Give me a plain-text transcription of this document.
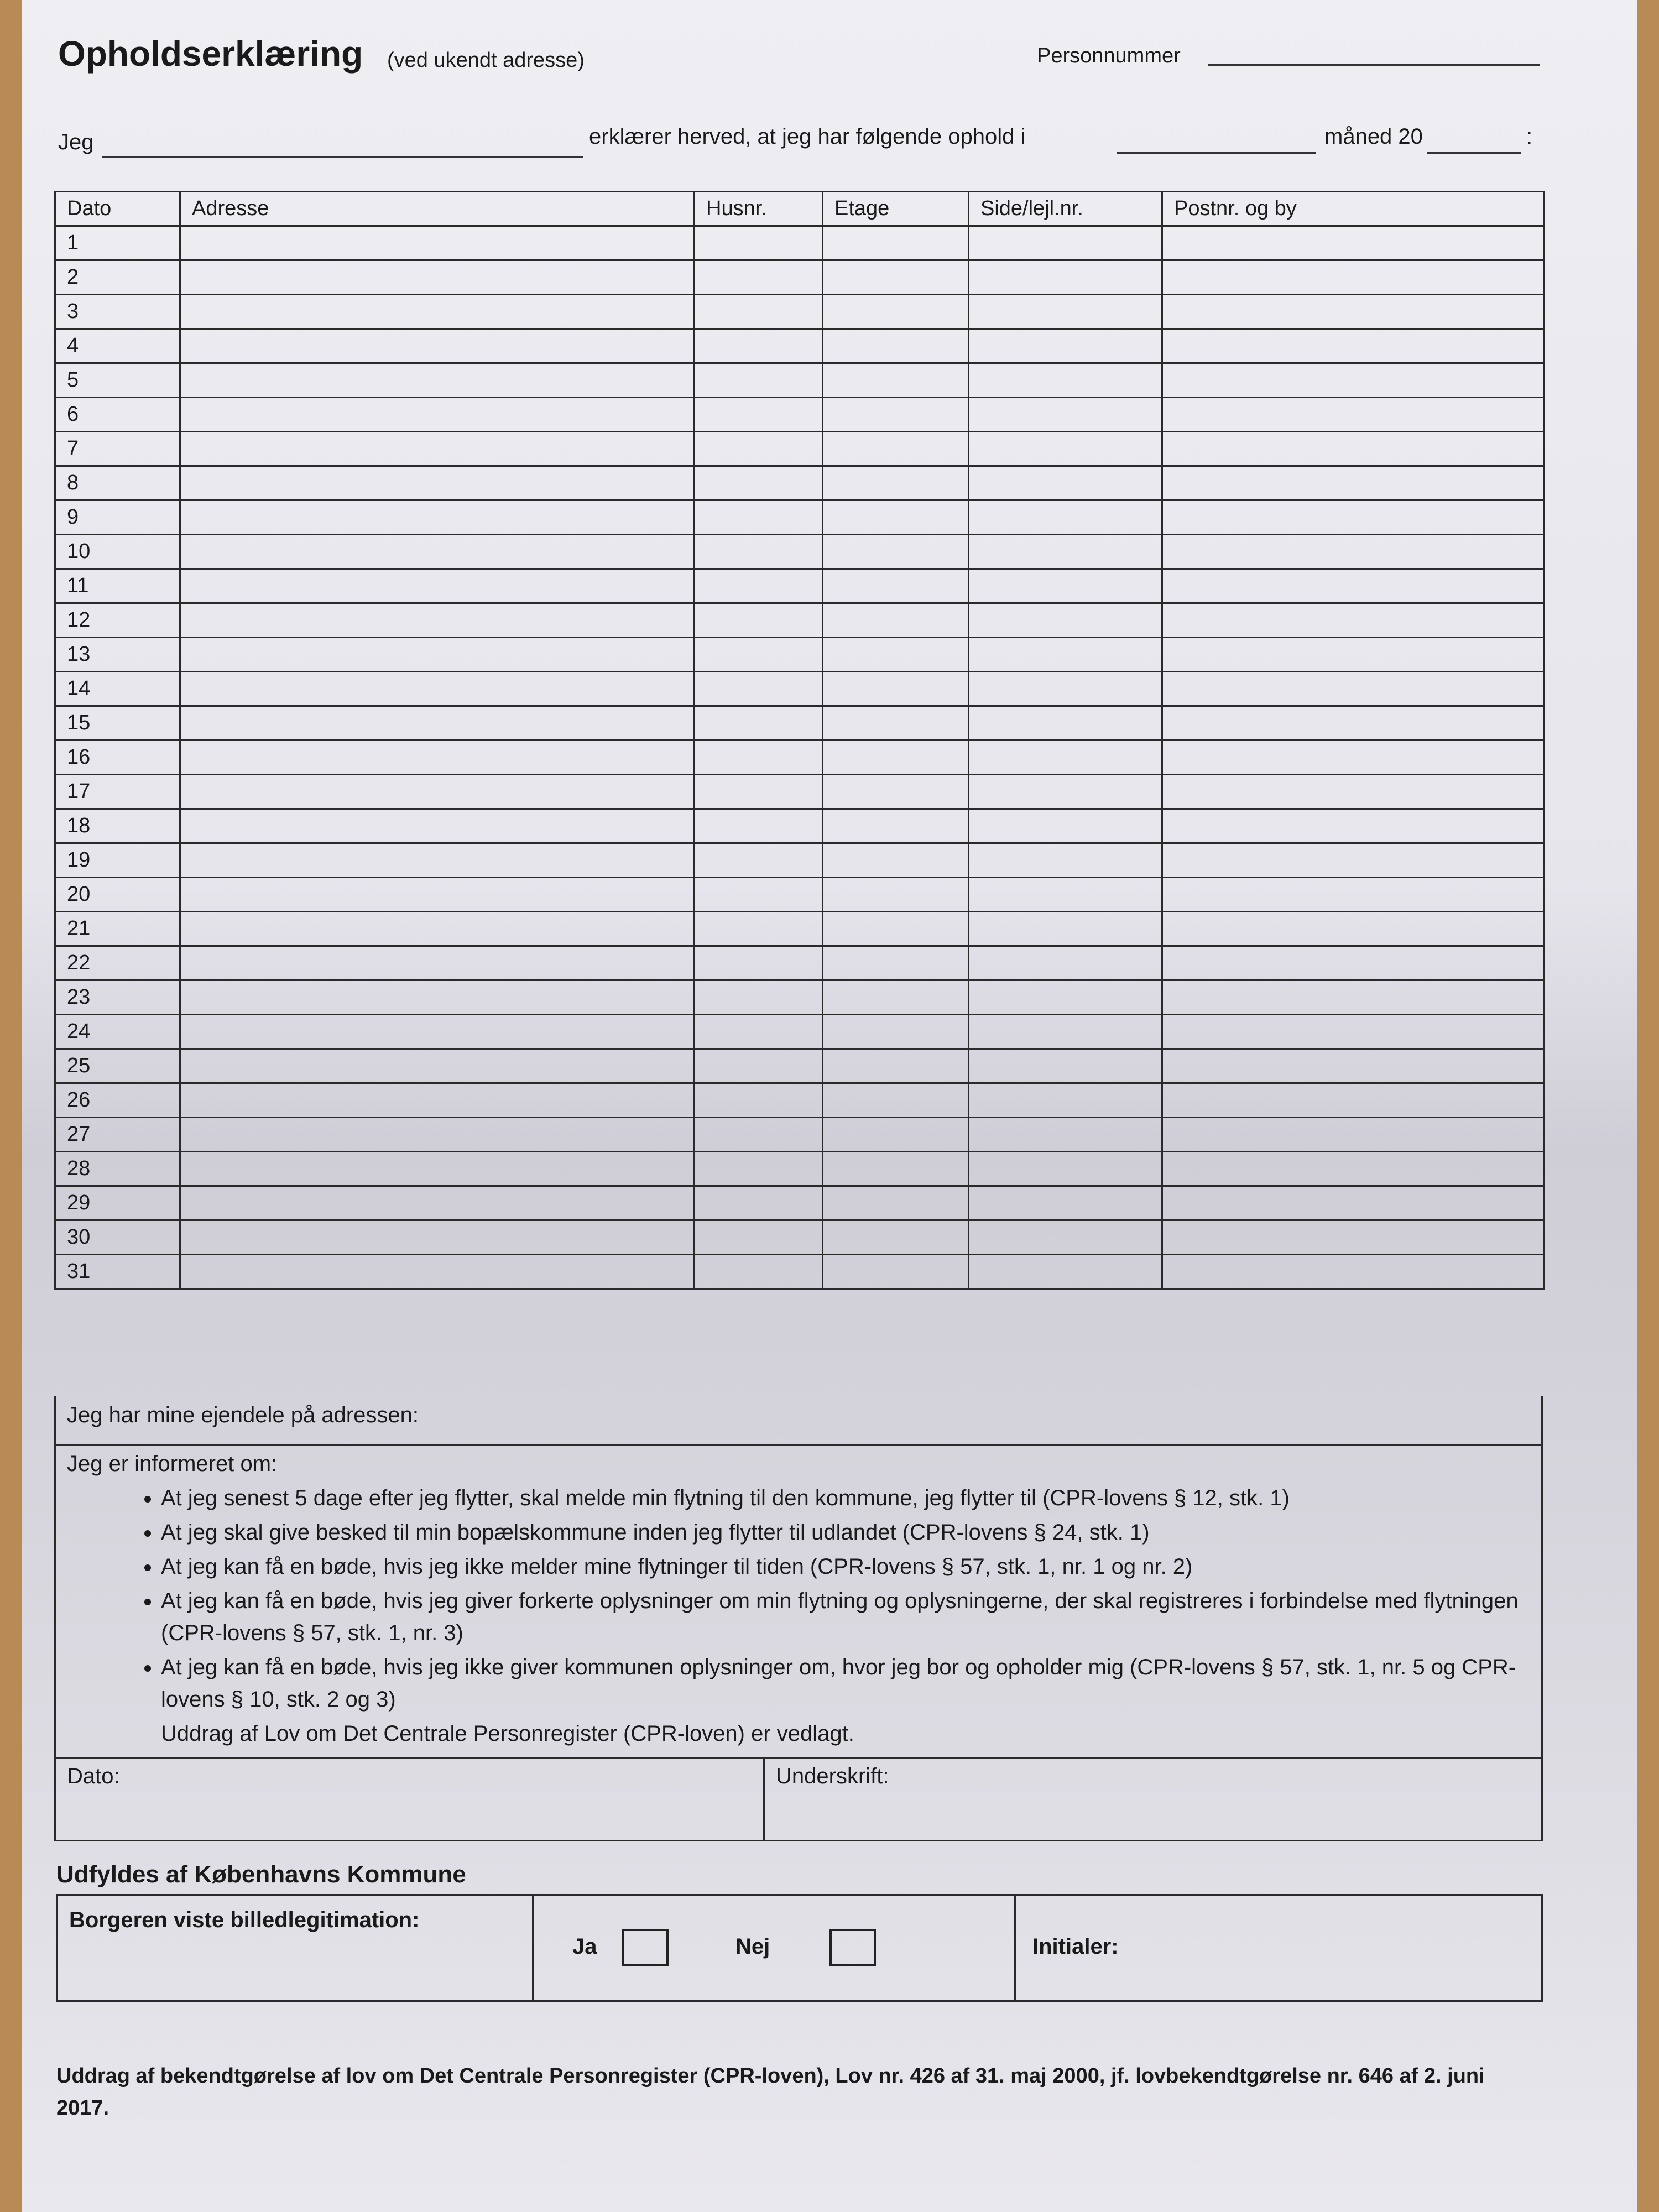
Opholdserklæring (ved ukendt adresse)	Personnummer
Jeg	erklærer herved, at jeg har følgende ophold i	måned 20	:
Dato	Adresse	Husnr.	Etage	Side/lejl.nr.	Postnr. og by
1					
2					
3					
4					
5					
6					
7					
8					
9					
10					
11					
12					
13					
14					
15					
16					
17					
18					
19					
20					
21					
22					
23					
24					
25					
26					
27					
28					
29					
30					
31					
Jeg har mine ejendele på adressen:
Jeg er informeret om:
• At jeg senest 5 dage efter jeg flytter, skal melde min flytning til den kommune, jeg flytter til (CPR-lovens § 12, stk. 1)
• At jeg skal give besked til min bopælskommune inden jeg flytter til udlandet (CPR-lovens § 24, stk. 1)
• At jeg kan få en bøde, hvis jeg ikke melder mine flytninger til tiden (CPR-lovens § 57, stk. 1, nr. 1 og nr. 2)
• At jeg kan få en bøde, hvis jeg giver forkerte oplysninger om min flytning og oplysningerne, der skal registreres i forbindelse med flytningen (CPR-lovens § 57, stk. 1, nr. 3)
• At jeg kan få en bøde, hvis jeg ikke giver kommunen oplysninger om, hvor jeg bor og opholder mig (CPR-lovens § 57, stk. 1, nr. 5 og CPR-lovens § 10, stk. 2 og 3)
Uddrag af Lov om Det Centrale Personregister (CPR-loven) er vedlagt.
Dato:	Underskrift:
Udfyldes af Københavns Kommune
Borgeren viste billedlegitimation:
Ja	Nej	Initialer:
Uddrag af bekendtgørelse af lov om Det Centrale Personregister (CPR-loven), Lov nr. 426 af 31. maj 2000, jf. lovbekendtgørelse nr. 646 af 2. juni 2017.
